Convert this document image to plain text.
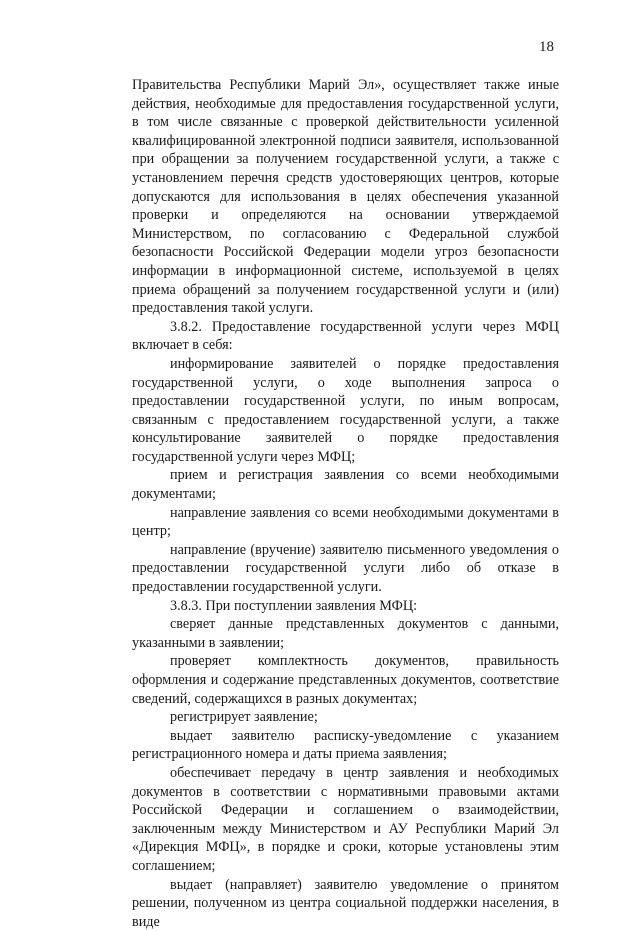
18

Правительства Республики Марий Эл», осуществляет также иные действия, необходимые для предоставления государственной услуги, в том числе связанные с проверкой действительности усиленной квалифицированной электронной подписи заявителя, использованной при обращении за получением государственной услуги, а также с установлением перечня средств удостоверяющих центров, которые допускаются для использования в целях обеспечения указанной проверки и определяются на основании утверждаемой Министерством, по согласованию с Федеральной службой безопасности Российской Федерации модели угроз безопасности информации в информационной системе, используемой в целях приема обращений за получением государственной услуги и (или) предоставления такой услуги.

3.8.2. Предоставление государственной услуги через МФЦ включает в себя:

информирование заявителей о порядке предоставления государственной услуги, о ходе выполнения запроса о предоставлении государственной услуги, по иным вопросам, связанным с предоставлением государственной услуги, а также консультирование заявителей о порядке предоставления государственной услуги через МФЦ;

прием и регистрация заявления со всеми необходимыми документами;

направление заявления со всеми необходимыми документами в центр;

направление (вручение) заявителю письменного уведомления о предоставлении государственной услуги либо об отказе в предоставлении государственной услуги.

3.8.3. При поступлении заявления МФЦ:

сверяет данные представленных документов с данными, указанными в заявлении;

проверяет комплектность документов, правильность оформления и содержание представленных документов, соответствие сведений, содержащихся в разных документах;

регистрирует заявление;

выдает заявителю расписку-уведомление с указанием регистрационного номера и даты приема заявления;

обеспечивает передачу в центр заявления и необходимых документов в соответствии с нормативными правовыми актами Российской Федерации и соглашением о взаимодействии, заключенным между Министерством и АУ Республики Марий Эл «Дирекция МФЦ», в порядке и сроки, которые установлены этим соглашением;

выдает (направляет) заявителю уведомление о принятом решении, полученном из центра социальной поддержки населения, в виде
